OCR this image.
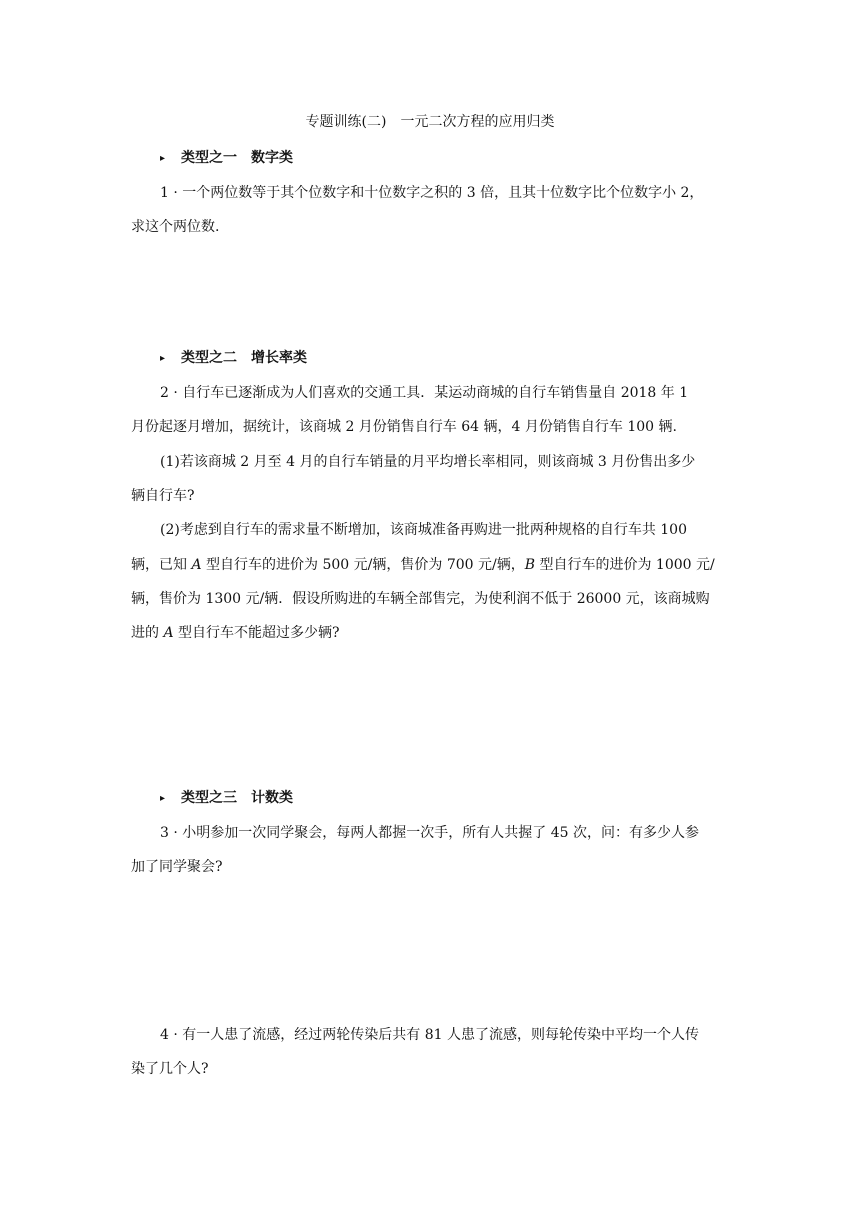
专题训练(二)　一元二次方程的应用归类
▸ 类型之一 数字类
1 · 一个两位数等于其个位数字和十位数字之积的 3 倍，且其十位数字比个位数字小 2，
求这个两位数.
▸ 类型之二 增长率类
2 · 自行车已逐渐成为人们喜欢的交通工具．某运动商城的自行车销售量自 2018 年 1
月份起逐月增加，据统计，该商城 2 月份销售自行车 64 辆，4 月份销售自行车 100 辆.
(1)若该商城 2 月至 4 月的自行车销量的月平均增长率相同，则该商城 3 月份售出多少
辆自行车?
(2)考虑到自行车的需求量不断增加，该商城准备再购进一批两种规格的自行车共 100
辆，已知 A 型自行车的进价为 500 元/辆，售价为 700 元/辆，B 型自行车的进价为 1000 元/
辆，售价为 1300 元/辆．假设所购进的车辆全部售完，为使利润不低于 26000 元，该商城购
进的 A 型自行车不能超过多少辆?
▸ 类型之三 计数类
3 · 小明参加一次同学聚会，每两人都握一次手，所有人共握了 45 次，问：有多少人参
加了同学聚会?
4 · 有一人患了流感，经过两轮传染后共有 81 人患了流感，则每轮传染中平均一个人传
染了几个人?
